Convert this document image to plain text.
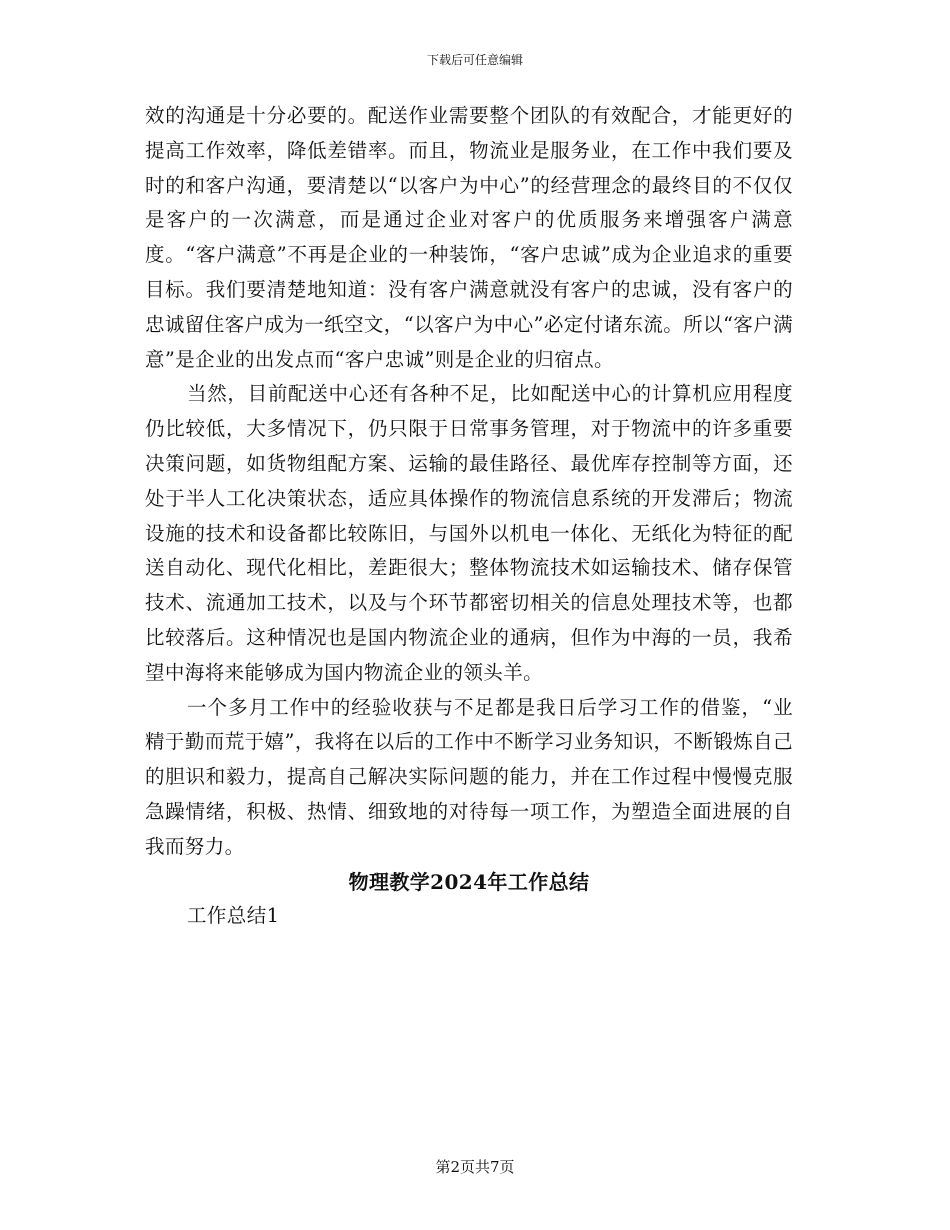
下载后可任意编辑

效的沟通是十分必要的。配送作业需要整个团队的有效配合，才能更好的提高工作效率，降低差错率。而且，物流业是服务业，在工作中我们要及时的和客户沟通，要清楚以“以客户为中心”的经营理念的最终目的不仅仅是客户的一次满意，而是通过企业对客户的优质服务来增强客户满意度。“客户满意”不再是企业的一种装饰，“客户忠诚”成为企业追求的重要目标。我们要清楚地知道：没有客户满意就没有客户的忠诚，没有客户的忠诚留住客户成为一纸空文，“以客户为中心”必定付诸东流。所以“客户满意”是企业的出发点而“客户忠诚”则是企业的归宿点。

当然，目前配送中心还有各种不足，比如配送中心的计算机应用程度仍比较低，大多情况下，仍只限于日常事务管理，对于物流中的许多重要决策问题，如货物组配方案、运输的最佳路径、最优库存控制等方面，还处于半人工化决策状态，适应具体操作的物流信息系统的开发滞后；物流设施的技术和设备都比较陈旧，与国外以机电一体化、无纸化为特征的配送自动化、现代化相比，差距很大；整体物流技术如运输技术、储存保管技术、流通加工技术，以及与个环节都密切相关的信息处理技术等，也都比较落后。这种情况也是国内物流企业的通病，但作为中海的一员，我希望中海将来能够成为国内物流企业的领头羊。

一个多月工作中的经验收获与不足都是我日后学习工作的借鉴，“业精于勤而荒于嬉”，我将在以后的工作中不断学习业务知识，不断锻炼自己的胆识和毅力，提高自己解决实际问题的能力，并在工作过程中慢慢克服急躁情绪，积极、热情、细致地的对待每一项工作，为塑造全面进展的自我而努力。

物理教学2024年工作总结

工作总结1

第2页共7页
